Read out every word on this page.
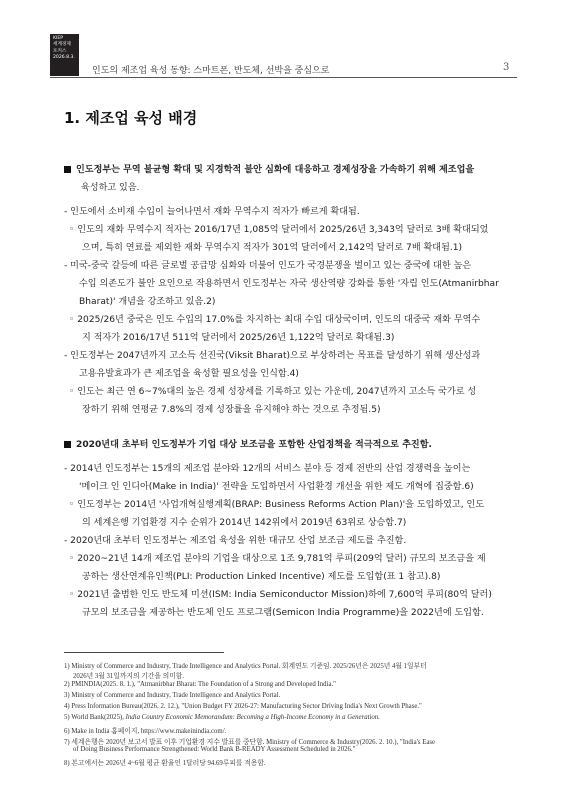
KIEP
세계경제
포커스
2026.8.3.
인도의 제조업 육성 동향: 스마트폰, 반도체, 선박을 중심으로	3
1. 제조업 육성 배경
인도정부는 무역 불균형 확대 및 지경학적 불안 심화에 대응하고 경제성장을 가속하기 위해 제조업을
육성하고 있음.
- 인도에서 소비재 수입이 늘어나면서 재화 무역수지 적자가 빠르게 확대됨.
◦ 인도의 재화 무역수지 적자는 2016/17년 1,085억 달러에서 2025/26년 3,343억 달러로 3배 확대되었
으며, 특히 연료를 제외한 재화 무역수지 적자가 301억 달러에서 2,142억 달러로 7배 확대됨.1)
- 미국-중국 갈등에 따른 글로벌 공급망 심화와 더불어 인도가 국경분쟁을 벌이고 있는 중국에 대한 높은
수입 의존도가 불안 요인으로 작용하면서 인도정부는 자국 생산역량 강화를 통한 '자립 인도(Atmanirbhar
Bharat)' 개념을 강조하고 있음.2)
◦ 2025/26년 중국은 인도 수입의 17.0%를 차지하는 최대 수입 대상국이며, 인도의 대중국 재화 무역수
지 적자가 2016/17년 511억 달러에서 2025/26년 1,122억 달러로 확대됨.3)
- 인도정부는 2047년까지 고소득 선진국(Viksit Bharat)으로 부상하려는 목표를 달성하기 위해 생산성과
고용유발효과가 큰 제조업을 육성할 필요성을 인식함.4)
◦ 인도는 최근 연 6~7%대의 높은 경제 성장세를 기록하고 있는 가운데, 2047년까지 고소득 국가로 성
장하기 위해 연평균 7.8%의 경제 성장률을 유지해야 하는 것으로 추정됨.5)
2020년대 초부터 인도정부가 기업 대상 보조금을 포함한 산업정책을 적극적으로 추진함.
- 2014년 인도정부는 15개의 제조업 분야와 12개의 서비스 분야 등 경제 전반의 산업 경쟁력을 높이는
'메이크 인 인디아(Make in India)' 전략을 도입하면서 사업환경 개선을 위한 제도 개혁에 집중함.6)
◦ 인도정부는 2014년 '사업개혁실행계획(BRAP: Business Reforms Action Plan)'을 도입하였고, 인도
의 세계은행 기업환경 지수 순위가 2014년 142위에서 2019년 63위로 상승함.7)
- 2020년대 초부터 인도정부는 제조업 육성을 위한 대규모 산업 보조금 제도를 추진함.
◦ 2020~21년 14개 제조업 분야의 기업을 대상으로 1조 9,781억 루피(209억 달러) 규모의 보조금을 제
공하는 생산연계유인책(PLI: Production Linked Incentive) 제도를 도입함(표 1 참고).8)
◦ 2021년 출범한 인도 반도체 미션(ISM: India Semiconductor Mission)하에 7,600억 루피(80억 달러)
규모의 보조금을 제공하는 반도체 인도 프로그램(Semicon India Programme)을 2022년에 도입함.
1) Ministry of Commerce and Industry, Trade Intelligence and Analytics Portal. 회계연도 기준임. 2025/26년은 2025년 4월 1일부터
2026년 3월 31일까지의 기간을 의미함.
2) PMINDIA(2025. 8. 1.), "Atmanirbhar Bharat: The Foundation of a Strong and Developed India."
3) Ministry of Commerce and Industry, Trade Intelligence and Analytics Portal.
4) Press Information Bureau(2026. 2. 12.), "Union Budget FY 2026-27: Manufacturing Sector Driving India's Next Growth Phase."
5) World Bank(2025), India Country Economic Memorandum: Becoming a High-Income Economy in a Generation.
6) Make in India 홈페이지, https://www.makeinindia.com/.
7) 세계은행은 2020년 보고서 발표 이후 기업환경 지수 발표를 중단함. Ministry of Commerce & Industry(2026. 2. 10.), "India's Ease
of Doing Business Performance Strengthened: World Bank B-READY Assessment Scheduled in 2026."
8) 본고에서는 2026년 4~6월 평균 환율인 1달러당 94.69루피를 적용함.
